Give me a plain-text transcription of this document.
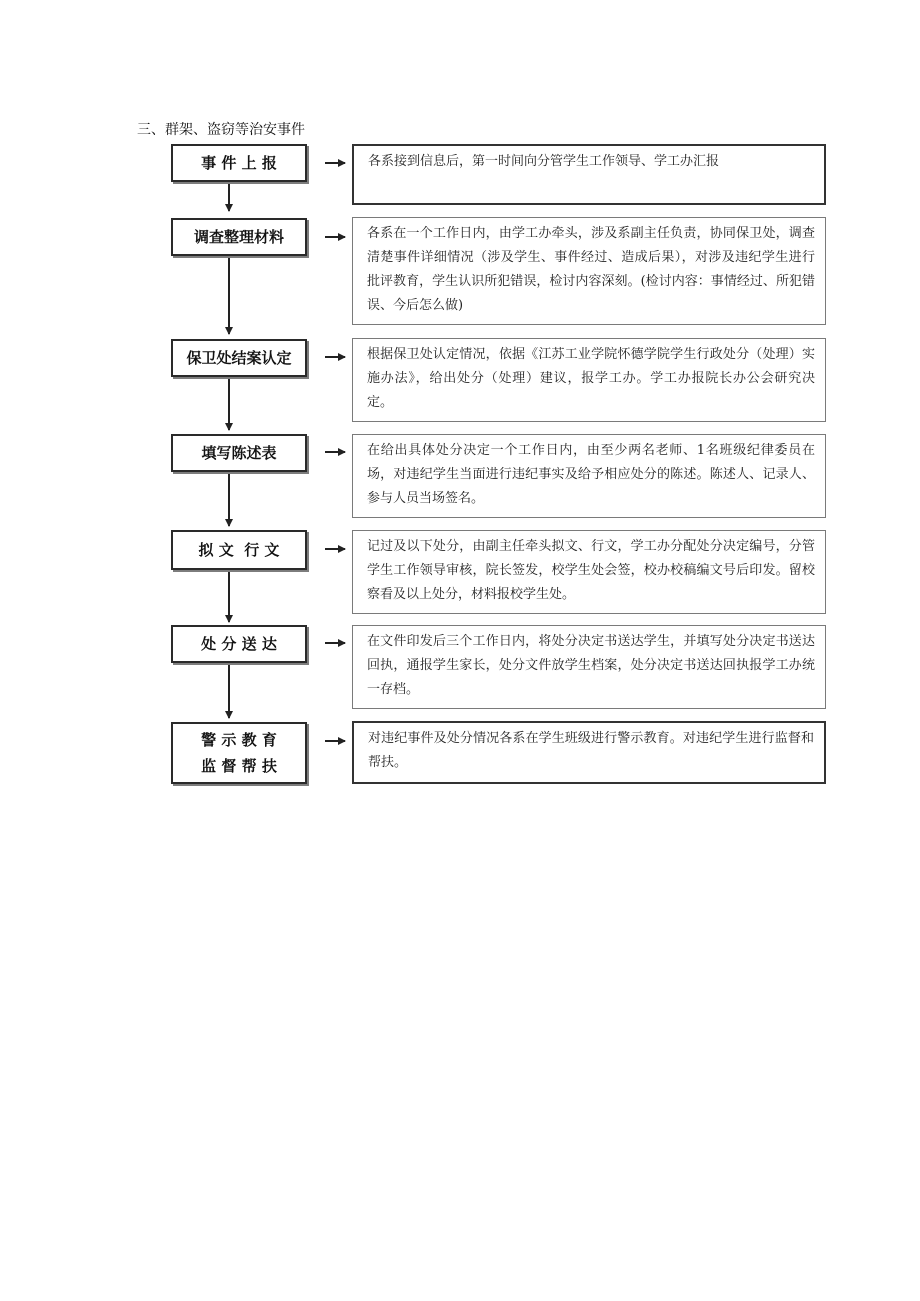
三、群架、盗窃等治安事件
事 件 上 报	各系接到信息后，第一时间向分管学生工作领导、学工办汇报
调查整理材料	各系在一个工作日内，由学工办牵头，涉及系副主任负责，协同保卫处，调查清楚事件详细情况（涉及学生、事件经过、造成后果），对涉及违纪学生进行批评教育，学生认识所犯错误，检讨内容深刻。(检讨内容：事情经过、所犯错误、今后怎么做)
保卫处结案认定	根据保卫处认定情况，依据《江苏工业学院怀德学院学生行政处分（处理）实施办法》，给出处分（处理）建议，报学工办。学工办报院长办公会研究决定。
填写陈述表	在给出具体处分决定一个工作日内，由至少两名老师、1名班级纪律委员在场，对违纪学生当面进行违纪事实及给予相应处分的陈述。陈述人、记录人、参与人员当场签名。
拟 文  行 文	记过及以下处分，由副主任牵头拟文、行文，学工办分配处分决定编号，分管学生工作领导审核，院长签发，校学生处会签，校办校稿编文号后印发。留校察看及以上处分，材料报校学生处。
处 分 送 达	在文件印发后三个工作日内，将处分决定书送达学生，并填写处分决定书送达回执，通报学生家长，处分文件放学生档案，处分决定书送达回执报学工办统一存档。
警 示 教 育
监 督 帮 扶
对违纪事件及处分情况各系在学生班级进行警示教育。对违纪学生进行监督和帮扶。
